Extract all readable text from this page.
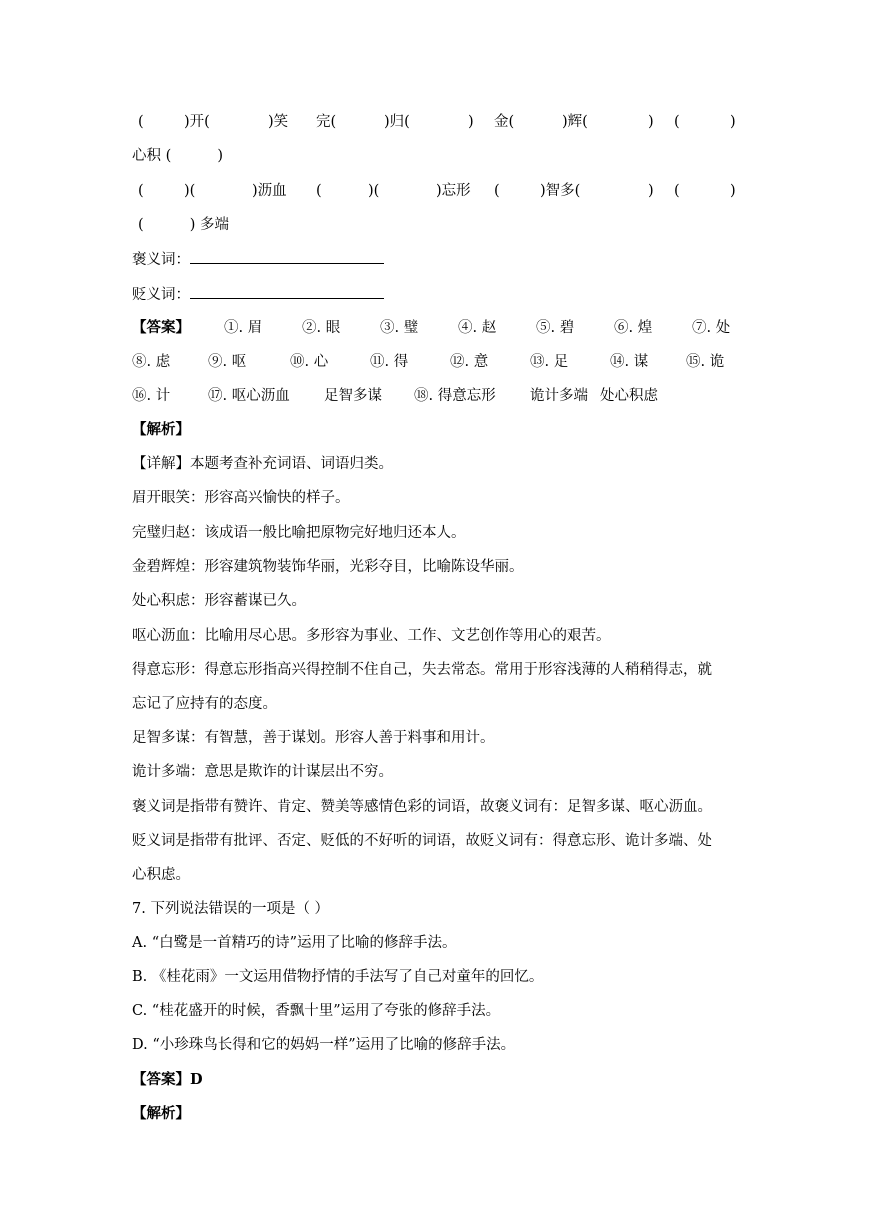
(	)开(	)笑 完(	)归(	) 金(	)辉(	) (	)
心积 (          )
(	)(	)沥血 (	)(	)忘形 (	)智多(	) (	)
(          ) 多端
褒义词：
贬义词：
【答案】 ①. 眉	②. 眼	③. 璧	④. 赵	⑤. 碧	⑥. 煌	⑦. 处
⑧. 虑	⑨. 呕	⑩. 心	⑪. 得	⑫. 意	⑬. 足	⑭. 谋	⑮. 诡
⑯. 计	⑰. 呕心沥血 足智多谋 ⑱. 得意忘形 诡计多端 处心积虑
【解析】
【详解】本题考查补充词语、词语归类。
眉开眼笑：形容高兴愉快的样子。
完璧归赵：该成语一般比喻把原物完好地归还本人。
金碧辉煌：形容建筑物装饰华丽，光彩夺目，比喻陈设华丽。
处心积虑：形容蓄谋已久。
呕心沥血：比喻用尽心思。多形容为事业、工作、文艺创作等用心的艰苦。
得意忘形：得意忘形指高兴得控制不住自己，失去常态。常用于形容浅薄的人稍稍得志，就
忘记了应持有的态度。
足智多谋：有智慧，善于谋划。形容人善于料事和用计。
诡计多端：意思是欺诈的计谋层出不穷。
褒义词是指带有赞许、肯定、赞美等感情色彩的词语，故褒义词有：足智多谋、呕心沥血。
贬义词是指带有批评、否定、贬低的不好听的词语，故贬义词有：得意忘形、诡计多端、处
心积虑。
7. 下列说法错误的一项是（ ）
A. “白鹭是一首精巧的诗”运用了比喻的修辞手法。
B. 《桂花雨》一文运用借物抒情的手法写了自己对童年的回忆。
C. “桂花盛开的时候，香飘十里”运用了夸张的修辞手法。
D. “小珍珠鸟长得和它的妈妈一样”运用了比喻的修辞手法。
【答案】D
【解析】
